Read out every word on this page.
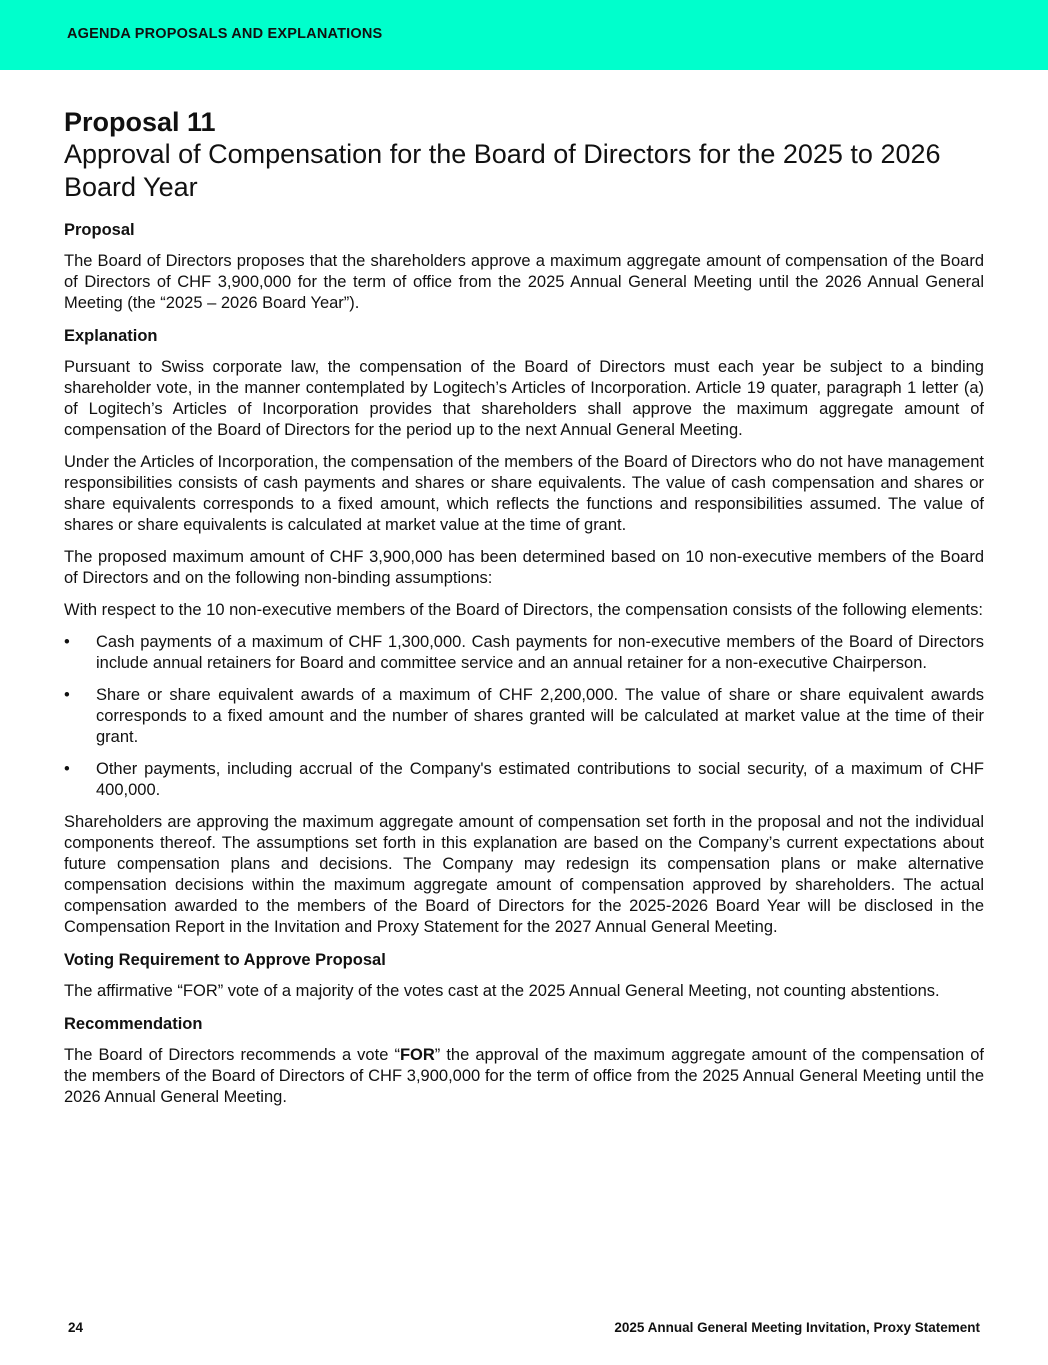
AGENDA PROPOSALS AND EXPLANATIONS
Proposal 11
Approval of Compensation for the Board of Directors for the 2025 to 2026 Board Year
Proposal

The Board of Directors proposes that the shareholders approve a maximum aggregate amount of compensation of the Board of Directors of CHF 3,900,000 for the term of office from the 2025 Annual General Meeting until the 2026 Annual General Meeting (the “2025 – 2026 Board Year”).

Explanation

Pursuant to Swiss corporate law, the compensation of the Board of Directors must each year be subject to a binding shareholder vote, in the manner contemplated by Logitech’s Articles of Incorporation. Article 19 quater, paragraph 1 letter (a) of Logitech’s Articles of Incorporation provides that shareholders shall approve the maximum aggregate amount of compensation of the Board of Directors for the period up to the next Annual General Meeting.

Under the Articles of Incorporation, the compensation of the members of the Board of Directors who do not have management responsibilities consists of cash payments and shares or share equivalents. The value of cash compensation and shares or share equivalents corresponds to a fixed amount, which reflects the functions and responsibilities assumed. The value of shares or share equivalents is calculated at market value at the time of grant.

The proposed maximum amount of CHF 3,900,000 has been determined based on 10 non-executive members of the Board of Directors and on the following non-binding assumptions:

With respect to the 10 non-executive members of the Board of Directors, the compensation consists of the following elements:

• Cash payments of a maximum of CHF 1,300,000. Cash payments for non-executive members of the Board of Directors include annual retainers for Board and committee service and an annual retainer for a non-executive Chairperson.
• Share or share equivalent awards of a maximum of CHF 2,200,000. The value of share or share equivalent awards corresponds to a fixed amount and the number of shares granted will be calculated at market value at the time of their grant.
• Other payments, including accrual of the Company's estimated contributions to social security, of a maximum of CHF 400,000.

Shareholders are approving the maximum aggregate amount of compensation set forth in the proposal and not the individual components thereof. The assumptions set forth in this explanation are based on the Company’s current expectations about future compensation plans and decisions. The Company may redesign its compensation plans or make alternative compensation decisions within the maximum aggregate amount of compensation approved by shareholders. The actual compensation awarded to the members of the Board of Directors for the 2025-2026 Board Year will be disclosed in the Compensation Report in the Invitation and Proxy Statement for the 2027 Annual General Meeting.

Voting Requirement to Approve Proposal

The affirmative “FOR” vote of a majority of the votes cast at the 2025 Annual General Meeting, not counting abstentions.

Recommendation

The Board of Directors recommends a vote “FOR” the approval of the maximum aggregate amount of the compensation of the members of the Board of Directors of CHF 3,900,000 for the term of office from the 2025 Annual General Meeting until the 2026 Annual General Meeting.

24	2025 Annual General Meeting Invitation, Proxy Statement
